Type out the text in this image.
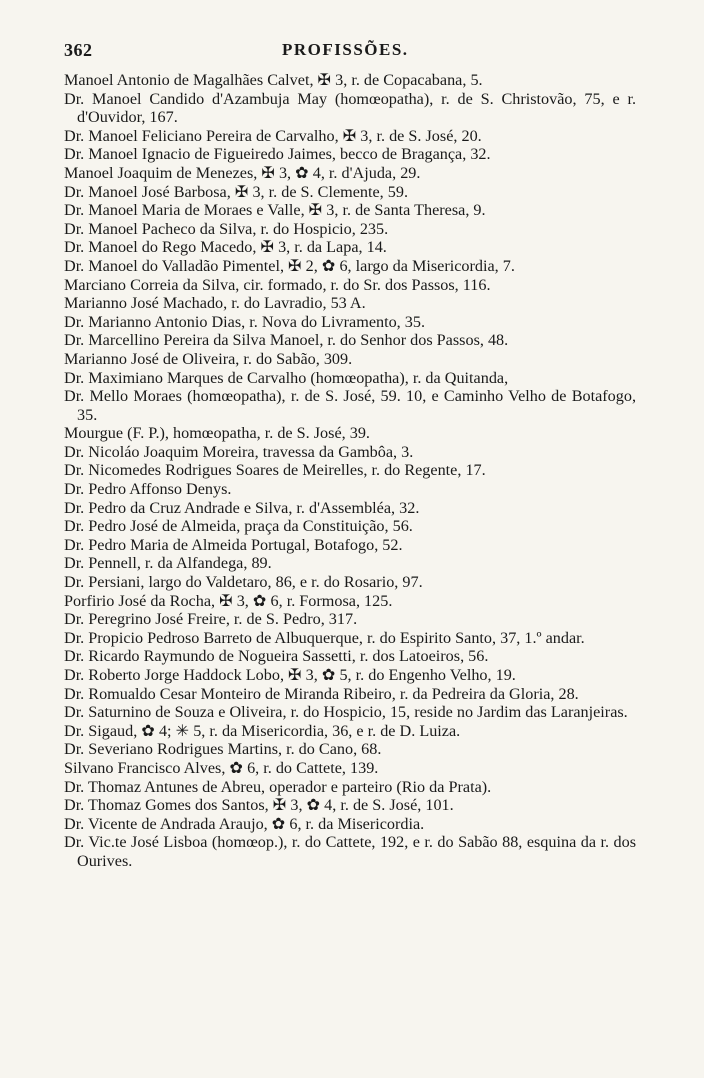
362	PROFISSÕES.
Manoel Antonio de Magalhães Calvet, ✠ 3, r. de Copacabana, 5.
Dr. Manoel Candido d'Azambuja May (homœopatha), r. de S. Christovão, 75, e r. d'Ouvidor, 167.
Dr. Manoel Feliciano Pereira de Carvalho, ✠ 3, r. de S. José, 20.
Dr. Manoel Ignacio de Figueiredo Jaimes, becco de Bragança, 32.
Manoel Joaquim de Menezes, ✠ 3, ✿ 4, r. d'Ajuda, 29.
Dr. Manoel José Barbosa, ✠ 3, r. de S. Clemente, 59.
Dr. Manoel Maria de Moraes e Valle, ✠ 3, r. de Santa Theresa, 9.
Dr. Manoel Pacheco da Silva, r. do Hospicio, 235.
Dr. Manoel do Rego Macedo, ✠ 3, r. da Lapa, 14.
Dr. Manoel do Valladão Pimentel, ✠ 2, ✿ 6, largo da Misericordia, 7.
Marciano Correia da Silva, cir. formado, r. do Sr. dos Passos, 116.
Marianno José Machado, r. do Lavradio, 53 A.
Dr. Marianno Antonio Dias, r. Nova do Livramento, 35.
Dr. Marcellino Pereira da Silva Manoel, r. do Senhor dos Passos, 48.
Marianno José de Oliveira, r. do Sabão, 309.
Dr. Maximiano Marques de Carvalho (homœopatha), r. da Quitanda,
Dr. Mello Moraes (homœopatha), r. de S. José, 59. 10, e Caminho Velho de Botafogo, 35.
Mourgue (F. P.), homœopatha, r. de S. José, 39.
Dr. Nicoláo Joaquim Moreira, travessa da Gambôa, 3.
Dr. Nicomedes Rodrigues Soares de Meirelles, r. do Regente, 17.
Dr. Pedro Affonso Denys.
Dr. Pedro da Cruz Andrade e Silva, r. d'Assembléa, 32.
Dr. Pedro José de Almeida, praça da Constituição, 56.
Dr. Pedro Maria de Almeida Portugal, Botafogo, 52.
Dr. Pennell, r. da Alfandega, 89.
Dr. Persiani, largo do Valdetaro, 86, e r. do Rosario, 97.
Porfirio José da Rocha, ✠ 3, ✿ 6, r. Formosa, 125.
Dr. Peregrino José Freire, r. de S. Pedro, 317.
Dr. Propicio Pedroso Barreto de Albuquerque, r. do Espirito Santo, 37, 1.º andar.
Dr. Ricardo Raymundo de Nogueira Sassetti, r. dos Latoeiros, 56.
Dr. Roberto Jorge Haddock Lobo, ✠ 3, ✿ 5, r. do Engenho Velho, 19.
Dr. Romualdo Cesar Monteiro de Miranda Ribeiro, r. da Pedreira da Gloria, 28.
Dr. Saturnino de Souza e Oliveira, r. do Hospicio, 15, reside no Jardim das Laranjeiras.
Dr. Sigaud, ✿ 4; ✳ 5, r. da Misericordia, 36, e r. de D. Luiza.
Dr. Severiano Rodrigues Martins, r. do Cano, 68.
Silvano Francisco Alves, ✿ 6, r. do Cattete, 139.
Dr. Thomaz Antunes de Abreu, operador e parteiro (Rio da Prata).
Dr. Thomaz Gomes dos Santos, ✠ 3, ✿ 4, r. de S. José, 101.
Dr. Vicente de Andrada Araujo, ✿ 6, r. da Misericordia.
Dr. Vic.te José Lisboa (homœop.), r. do Cattete, 192, e r. do Sabão 88, esquina da r. dos Ourives.
